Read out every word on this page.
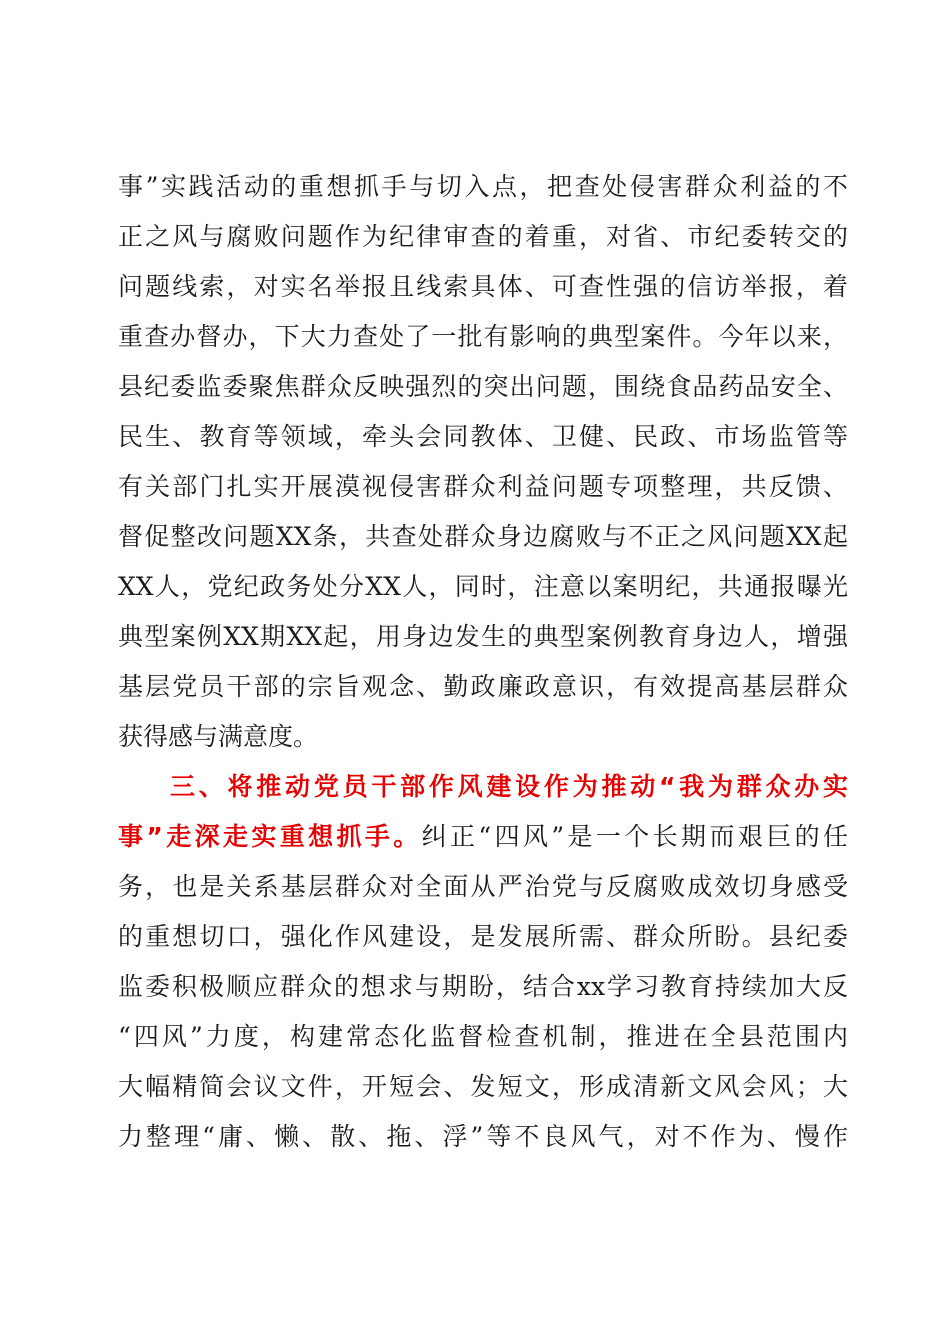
事”实践活动的重想抓手与切入点，把查处侵害群众利益的不
正之风与腐败问题作为纪律审查的着重，对省、市纪委转交的
问题线索，对实名举报且线索具体、可查性强的信访举报，着
重查办督办，下大力查处了一批有影响的典型案件。今年以来，
县纪委监委聚焦群众反映强烈的突出问题，围绕食品药品安全、
民生、教育等领域，牵头会同教体、卫健、民政、市场监管等
有关部门扎实开展漠视侵害群众利益问题专项整理，共反馈、
督促整改问题XX条，共查处群众身边腐败与不正之风问题XX起
XX人，党纪政务处分XX人，同时，注意以案明纪，共通报曝光
典型案例XX期XX起，用身边发生的典型案例教育身边人，增强
基层党员干部的宗旨观念、勤政廉政意识，有效提高基层群众
获得感与满意度。
三、将推动党员干部作风建设作为推动“我为群众办实
事”走深走实重想抓手。纠正“四风”是一个长期而艰巨的任
务，也是关系基层群众对全面从严治党与反腐败成效切身感受
的重想切口，强化作风建设，是发展所需、群众所盼。县纪委
监委积极顺应群众的想求与期盼，结合xx学习教育持续加大反
“四风”力度，构建常态化监督检查机制，推进在全县范围内
大幅精简会议文件，开短会、发短文，形成清新文风会风；大
力整理“庸、懒、散、拖、浮”等不良风气，对不作为、慢作
